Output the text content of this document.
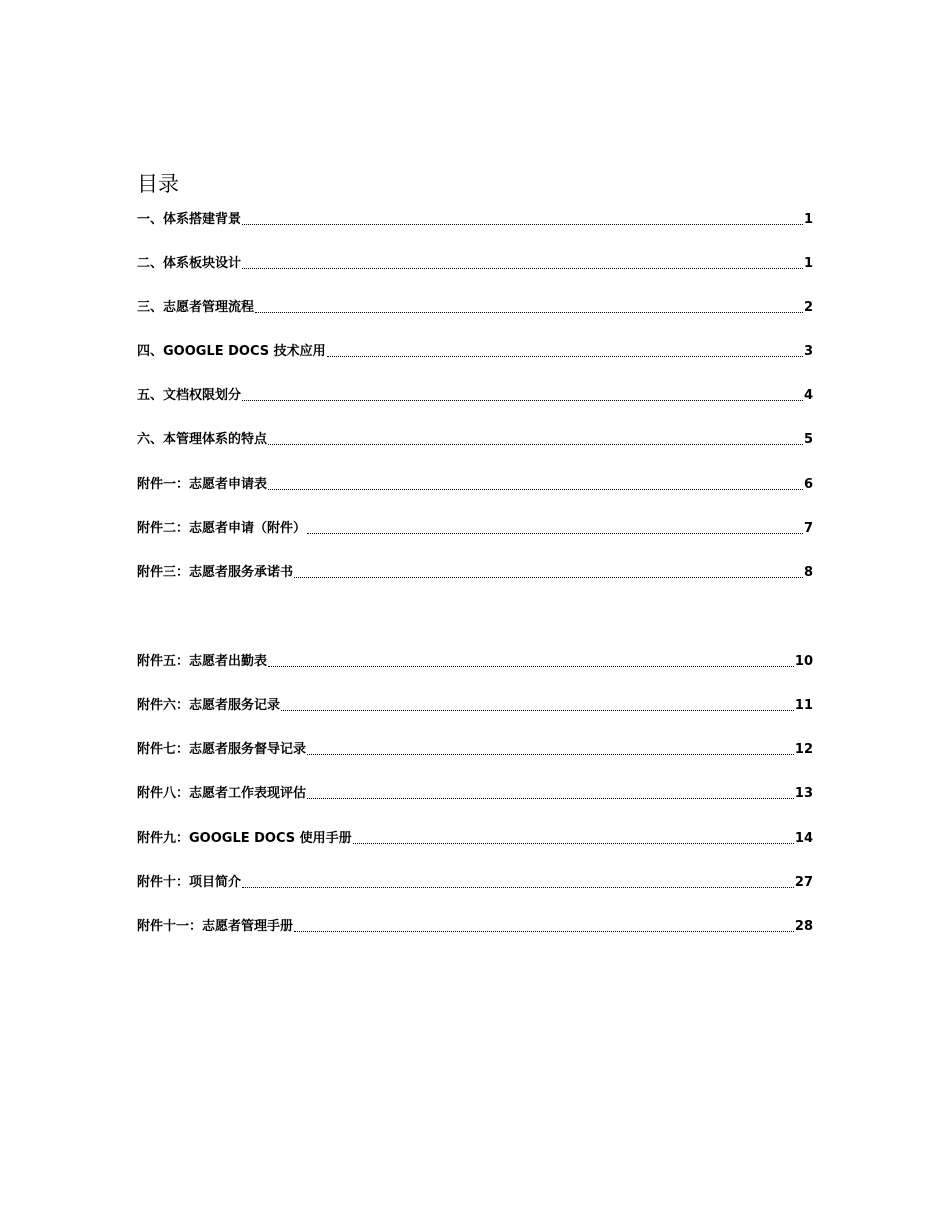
目录
一、体系搭建背景	1
二、体系板块设计	1
三、志愿者管理流程	2
四、GOOGLE DOCS 技术应用	3
五、文档权限划分	4
六、本管理体系的特点	5
附件一：志愿者申请表	6
附件二：志愿者申请（附件）	7
附件三：志愿者服务承诺书	8
附件五：志愿者出勤表	10
附件六：志愿者服务记录	11
附件七：志愿者服务督导记录	12
附件八：志愿者工作表现评估	13
附件九：GOOGLE DOCS 使用手册	14
附件十：项目简介	27
附件十一：志愿者管理手册	28
